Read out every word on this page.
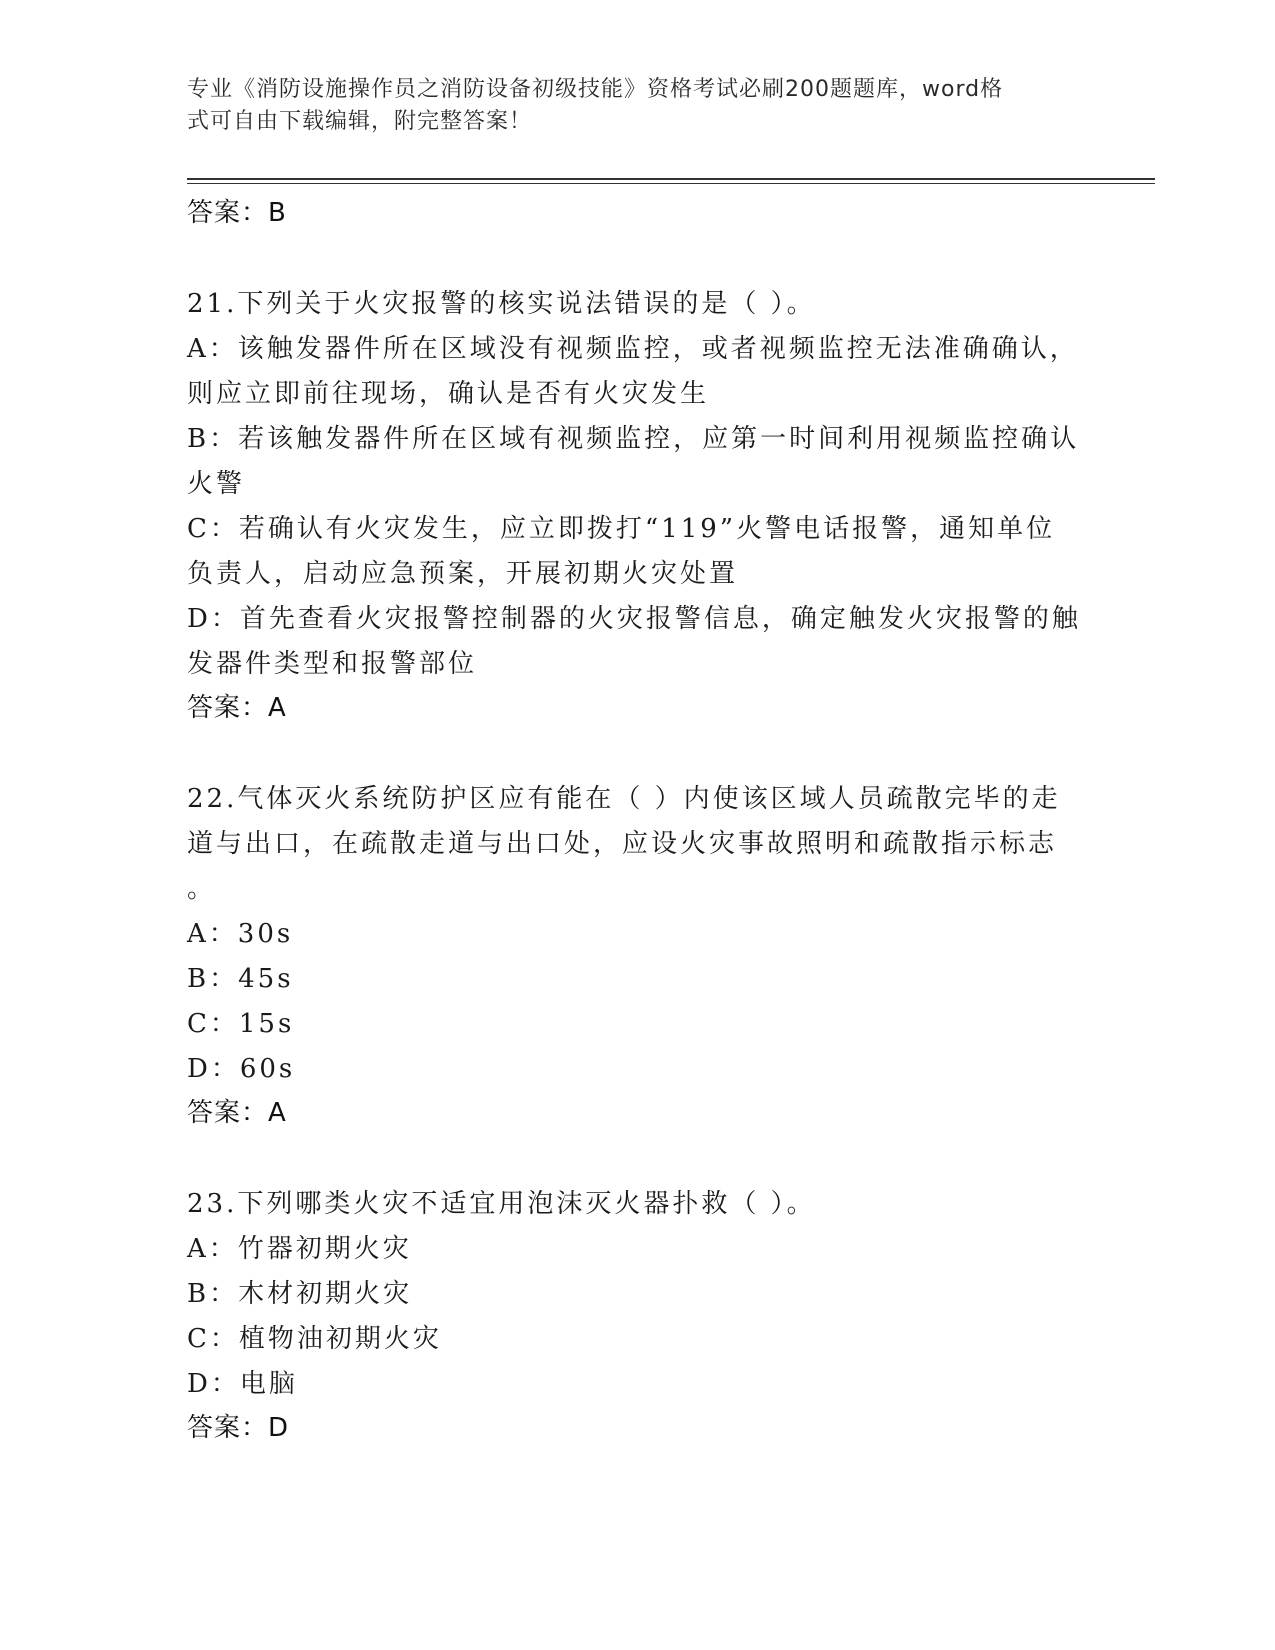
专业《消防设施操作员之消防设备初级技能》资格考试必刷200题题库，word格
式可自由下载编辑，附完整答案！
答案：B
21.下列关于火灾报警的核实说法错误的是（ ）。
A：该触发器件所在区域没有视频监控，或者视频监控无法准确确认，
则应立即前往现场，确认是否有火灾发生
B：若该触发器件所在区域有视频监控，应第一时间利用视频监控确认
火警
C：若确认有火灾发生，应立即拨打“119”火警电话报警，通知单位
负责人，启动应急预案，开展初期火灾处置
D：首先查看火灾报警控制器的火灾报警信息，确定触发火灾报警的触
发器件类型和报警部位
答案：A
22.气体灭火系统防护区应有能在（ ）内使该区域人员疏散完毕的走
道与出口，在疏散走道与出口处，应设火灾事故照明和疏散指示标志
。
A：30s
B：45s
C：15s
D：60s
答案：A
23.下列哪类火灾不适宜用泡沫灭火器扑救（ ）。
A：竹器初期火灾
B：木材初期火灾
C：植物油初期火灾
D：电脑
答案：D
